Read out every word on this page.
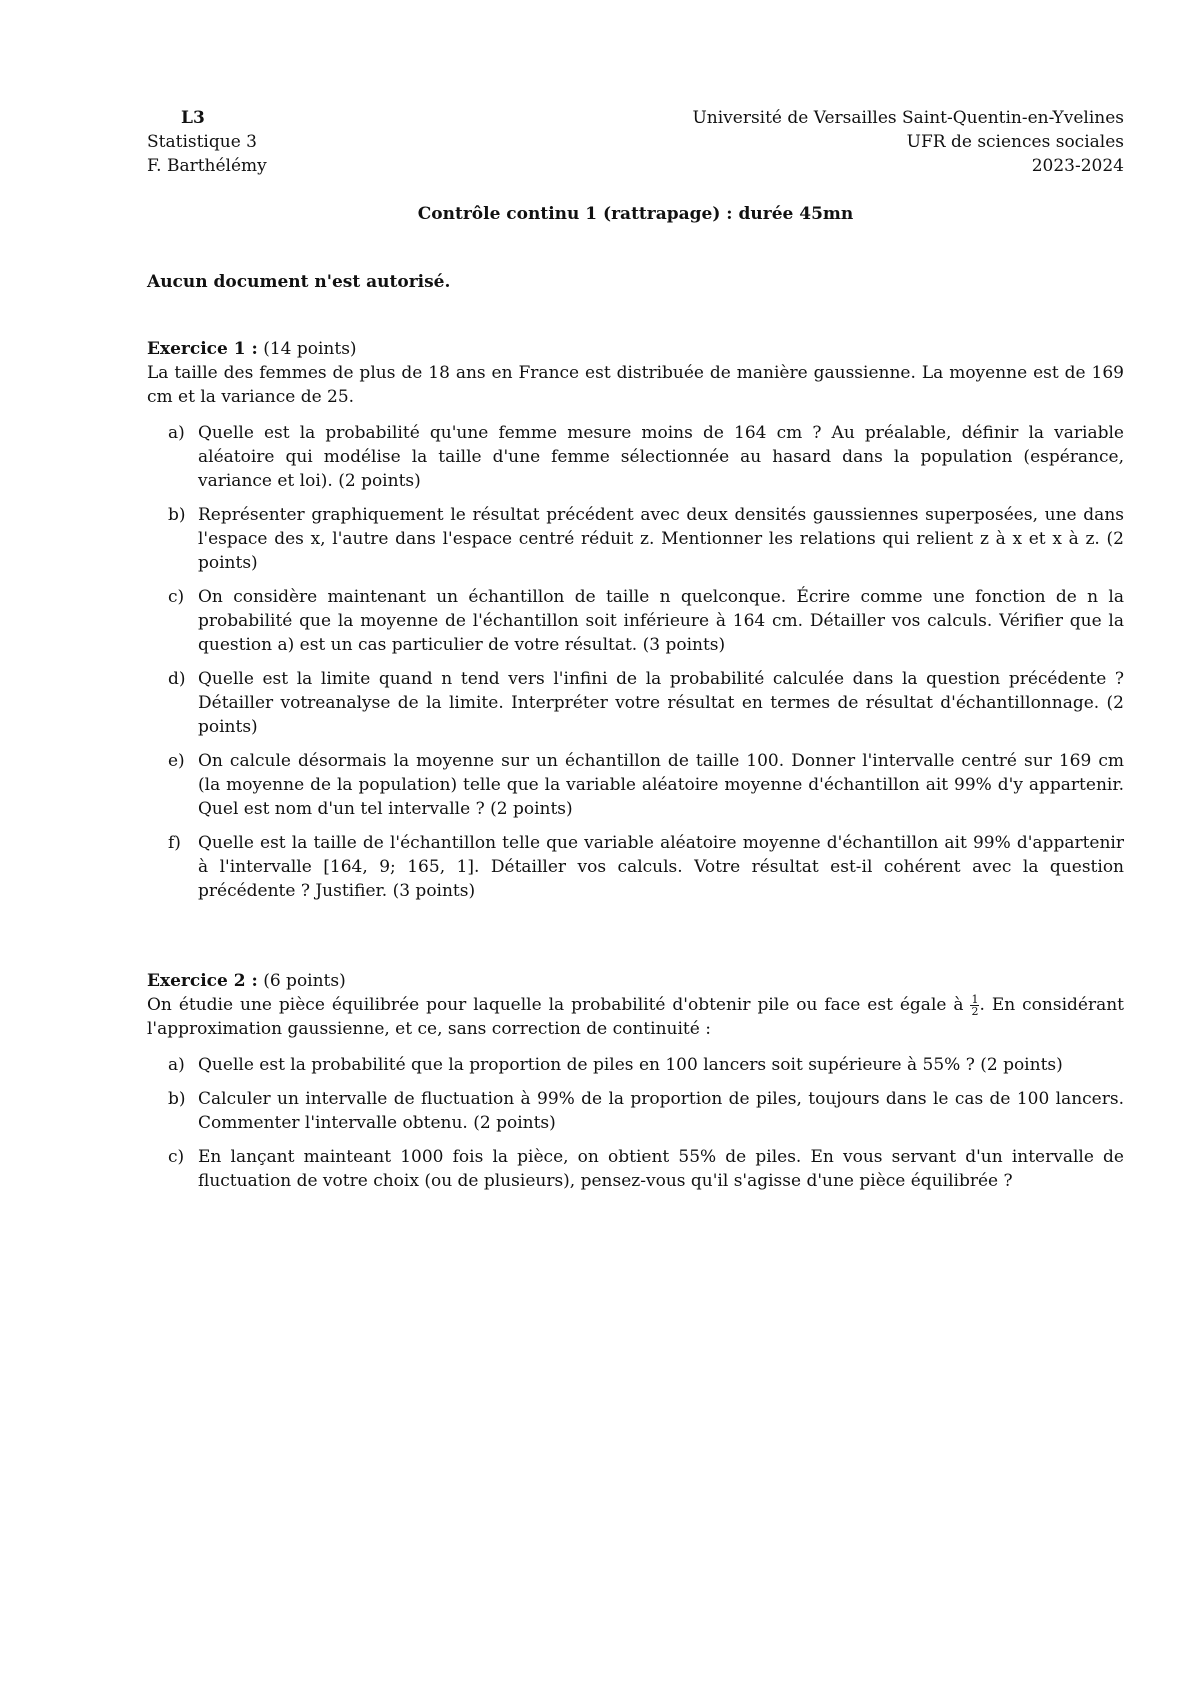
L3
Statistique 3
F. Barthélémy
Université de Versailles Saint-Quentin-en-Yvelines
UFR de sciences sociales
2023-2024
Contrôle continu 1 (rattrapage) : durée 45mn
Aucun document n'est autorisé.
Exercice 1 : (14 points)
La taille des femmes de plus de 18 ans en France est distribuée de manière gaussienne. La moyenne est de 169 cm et la variance de 25.
a) Quelle est la probabilité qu'une femme mesure moins de 164 cm ? Au préalable, définir la variable aléatoire qui modélise la taille d'une femme sélectionnée au hasard dans la population (espérance, variance et loi). (2 points)
b) Représenter graphiquement le résultat précédent avec deux densités gaussiennes superposées, une dans l'espace des x, l'autre dans l'espace centré réduit z. Mentionner les relations qui relient z à x et x à z. (2 points)
c) On considère maintenant un échantillon de taille n quelconque. Écrire comme une fonction de n la probabilité que la moyenne de l'échantillon soit inférieure à 164 cm. Détailler vos calculs. Vérifier que la question a) est un cas particulier de votre résultat. (3 points)
d) Quelle est la limite quand n tend vers l'infini de la probabilité calculée dans la question précédente ? Détailler votreanalyse de la limite. Interpréter votre résultat en termes de résultat d'échantillonnage. (2 points)
e) On calcule désormais la moyenne sur un échantillon de taille 100. Donner l'intervalle centré sur 169 cm (la moyenne de la population) telle que la variable aléatoire moyenne d'échantillon ait 99% d'y appartenir. Quel est nom d'un tel intervalle ? (2 points)
f) Quelle est la taille de l'échantillon telle que variable aléatoire moyenne d'échantillon ait 99% d'appartenir à l'intervalle [164, 9; 165, 1]. Détailler vos calculs. Votre résultat est-il cohérent avec la question précédente ? Justifier. (3 points)
Exercice 2 : (6 points)
On étudie une pièce équilibrée pour laquelle la probabilité d'obtenir pile ou face est égale à $\frac{1}{2}$ . En considérant l'approximation gaussienne, et ce, sans correction de continuité :
a) Quelle est la probabilité que la proportion de piles en 100 lancers soit supérieure à 55% ? (2 points)
b) Calculer un intervalle de fluctuation à 99% de la proportion de piles, toujours dans le cas de 100 lancers. Commenter l'intervalle obtenu. (2 points)
c) En lançant mainteant 1000 fois la pièce, on obtient 55% de piles. En vous servant d'un intervalle de fluctuation de votre choix (ou de plusieurs), pensez-vous qu'il s'agisse d'une pièce équilibrée ?
